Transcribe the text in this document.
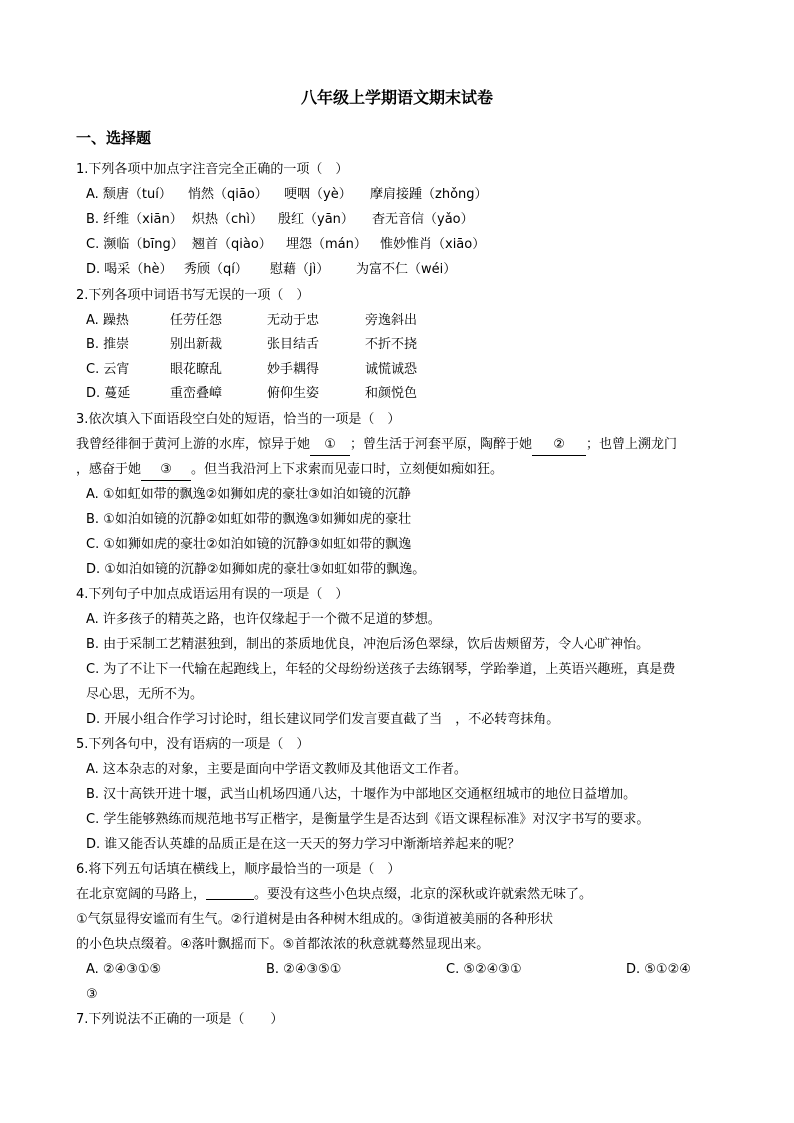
八年级上学期语文期末试卷
一、选择题
1.下列各项中加点字注音完全正确的一项（　）
A. 颓唐（tuí） 悄然（qiāo） 哽咽（yè） 摩肩接踵（zhǒng）
B. 纤维（xiān） 炽热（chì） 殷红（yān） 杳无音信（yǎo）
C. 濒临（bīng） 翘首（qiào） 埋怨（mán） 惟妙惟肖（xiāo）
D. 喝采（hè） 秀颀（qí） 慰藉（jì） 为富不仁（wéi）
2.下列各项中词语书写无误的一项（　）
A. 躁热	任劳任怨	无动于忠	旁逸斜出
B. 推崇	别出新裁	张目结舌	不折不挠
C. 云宵	眼花瞭乱	妙手耦得	诚慌诚恐
D. 蔓延	重峦叠嶂	俯仰生姿	和颜悦色
3.依次填入下面语段空白处的短语，恰当的一项是（　）
我曾经徘徊于黄河上游的水库，惊异于她 ① ；曾生活于河套平原，陶醉于她 ② ；也曾上溯龙门
，感奋于她 ③ 。但当我沿河上下求索而见壶口时，立刻便如痴如狂。
A. ①如虹如带的飘逸②如狮如虎的豪壮③如泊如镜的沉静
B. ①如泊如镜的沉静②如虹如带的飘逸③如狮如虎的豪壮
C. ①如狮如虎的豪壮②如泊如镜的沉静③如虹如带的飘逸
D. ①如泊如镜的沉静②如狮如虎的豪壮③如虹如带的飘逸。
4.下列句子中加点成语运用有误的一项是（　）
A. 许多孩子的精英之路，也许仅缘起于一个微不足道的梦想。
B. 由于采制工艺精湛独到，制出的茶质地优良，冲泡后汤色翠绿，饮后齿颊留芳，令人心旷神怡。
C. 为了不让下一代输在起跑线上，年轻的父母纷纷送孩子去练钢琴，学跆拳道，上英语兴趣班，真是费
尽心思，无所不为。
D. 开展小组合作学习讨论时，组长建议同学们发言要直截了当　，不必转弯抹角。
5.下列各句中，没有语病的一项是（　）
A. 这本杂志的对象，主要是面向中学语文教师及其他语文工作者。
B. 汉十高铁开进十堰，武当山机场四通八达，十堰作为中部地区交通枢纽城市的地位日益增加。
C. 学生能够熟练而规范地书写正楷字，是衡量学生是否达到《语文课程标准》对汉字书写的要求。
D. 谁又能否认英雄的品质正是在这一天天的努力学习中渐渐培养起来的呢？
6.将下列五句话填在横线上，顺序最恰当的一项是（　）
在北京宽阔的马路上，	。要没有这些小色块点缀，北京的深秋或许就索然无味了。
①气氛显得安谧而有生气。②行道树是由各种树木组成的。③街道被美丽的各种形状
的小色块点缀着。④落叶飘摇而下。⑤首都浓浓的秋意就蓦然显现出来。
A. ②④③①⑤	B. ②④③⑤①	C. ⑤②④③①	D. ⑤①②④
③
7.下列说法不正确的一项是（　　）
